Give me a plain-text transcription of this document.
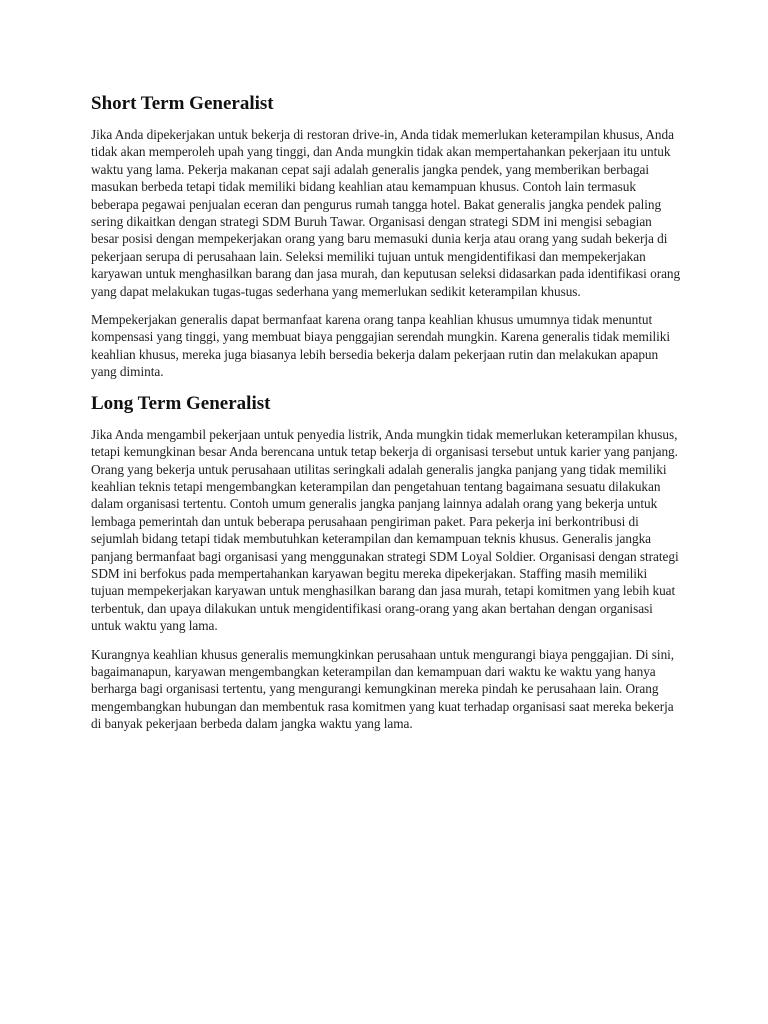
Short Term Generalist

Jika Anda dipekerjakan untuk bekerja di restoran drive-in, Anda tidak memerlukan keterampilan khusus, Anda tidak akan memperoleh upah yang tinggi, dan Anda mungkin tidak akan mempertahankan pekerjaan itu untuk waktu yang lama. Pekerja makanan cepat saji adalah generalis jangka pendek, yang memberikan berbagai masukan berbeda tetapi tidak memiliki bidang keahlian atau kemampuan khusus. Contoh lain termasuk beberapa pegawai penjualan eceran dan pengurus rumah tangga hotel. Bakat generalis jangka pendek paling sering dikaitkan dengan strategi SDM Buruh Tawar. Organisasi dengan strategi SDM ini mengisi sebagian besar posisi dengan mempekerjakan orang yang baru memasuki dunia kerja atau orang yang sudah bekerja di pekerjaan serupa di perusahaan lain. Seleksi memiliki tujuan untuk mengidentifikasi dan mempekerjakan karyawan untuk menghasilkan barang dan jasa murah, dan keputusan seleksi didasarkan pada identifikasi orang yang dapat melakukan tugas-tugas sederhana yang memerlukan sedikit keterampilan khusus.

Mempekerjakan generalis dapat bermanfaat karena orang tanpa keahlian khusus umumnya tidak menuntut kompensasi yang tinggi, yang membuat biaya penggajian serendah mungkin. Karena generalis tidak memiliki keahlian khusus, mereka juga biasanya lebih bersedia bekerja dalam pekerjaan rutin dan melakukan apapun yang diminta.

Long Term Generalist

Jika Anda mengambil pekerjaan untuk penyedia listrik, Anda mungkin tidak memerlukan keterampilan khusus, tetapi kemungkinan besar Anda berencana untuk tetap bekerja di organisasi tersebut untuk karier yang panjang. Orang yang bekerja untuk perusahaan utilitas seringkali adalah generalis jangka panjang yang tidak memiliki keahlian teknis tetapi mengembangkan keterampilan dan pengetahuan tentang bagaimana sesuatu dilakukan dalam organisasi tertentu. Contoh umum generalis jangka panjang lainnya adalah orang yang bekerja untuk lembaga pemerintah dan untuk beberapa perusahaan pengiriman paket. Para pekerja ini berkontribusi di sejumlah bidang tetapi tidak membutuhkan keterampilan dan kemampuan teknis khusus. Generalis jangka panjang bermanfaat bagi organisasi yang menggunakan strategi SDM Loyal Soldier. Organisasi dengan strategi SDM ini berfokus pada mempertahankan karyawan begitu mereka dipekerjakan. Staffing masih memiliki tujuan mempekerjakan karyawan untuk menghasilkan barang dan jasa murah, tetapi komitmen yang lebih kuat terbentuk, dan upaya dilakukan untuk mengidentifikasi orang-orang yang akan bertahan dengan organisasi untuk waktu yang lama.

Kurangnya keahlian khusus generalis memungkinkan perusahaan untuk mengurangi biaya penggajian. Di sini, bagaimanapun, karyawan mengembangkan keterampilan dan kemampuan dari waktu ke waktu yang hanya berharga bagi organisasi tertentu, yang mengurangi kemungkinan mereka pindah ke perusahaan lain. Orang mengembangkan hubungan dan membentuk rasa komitmen yang kuat terhadap organisasi saat mereka bekerja di banyak pekerjaan berbeda dalam jangka waktu yang lama.
